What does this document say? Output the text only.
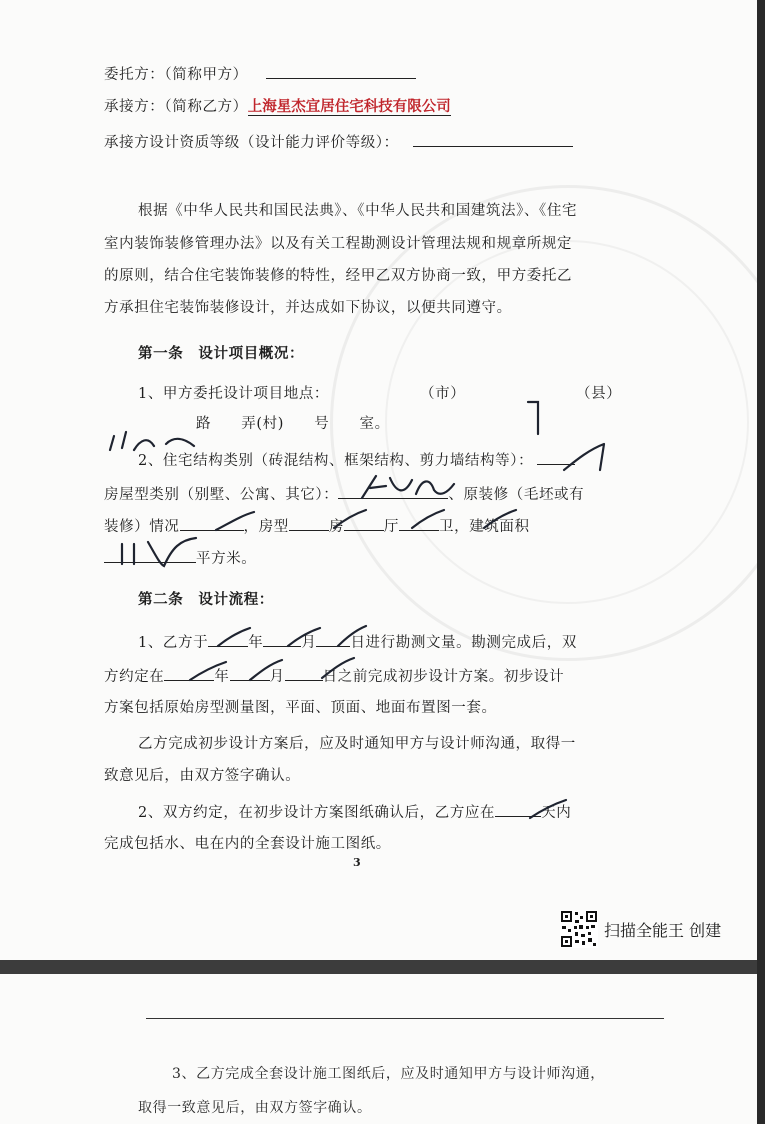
委托方：（简称甲方）
承接方：（简称乙方）上海星杰宜居住宅科技有限公司
承接方设计资质等级（设计能力评价等级）：
根据《中华人民共和国民法典》、《中华人民共和国建筑法》、《住宅
室内装饰装修管理办法》以及有关工程勘测设计管理法规和规章所规定
的原则，结合住宅装饰装修的特性，经甲乙双方协商一致，甲方委托乙
方承担住宅装饰装修设计，并达成如下协议，以便共同遵守。
第一条　设计项目概况：
1、甲方委托设计项目地点：	（市）	（县）
路　　弄(村)　　号　　室。
2、住宅结构类别（砖混结构、框架结构、剪力墙结构等）：
房屋型类别（别墅、公寓、其它）：	、原装修（毛坯或有
装修）情况	，房型	房	厅	卫，建筑面积
平方米。
第二条　设计流程：
1、乙方于	年	月 日进行勘测文量。勘测完成后，双
方约定在	年	月	日之前完成初步设计方案。初步设计
方案包括原始房型测量图，平面、顶面、地面布置图一套。
乙方完成初步设计方案后，应及时通知甲方与设计师沟通，取得一
致意见后，由双方签字确认。
2、双方约定，在初步设计方案图纸确认后，乙方应在	天内
完成包括水、电在内的全套设计施工图纸。
3
扫描全能王 创建
3、乙方完成全套设计施工图纸后，应及时通知甲方与设计师沟通，
取得一致意见后，由双方签字确认。
